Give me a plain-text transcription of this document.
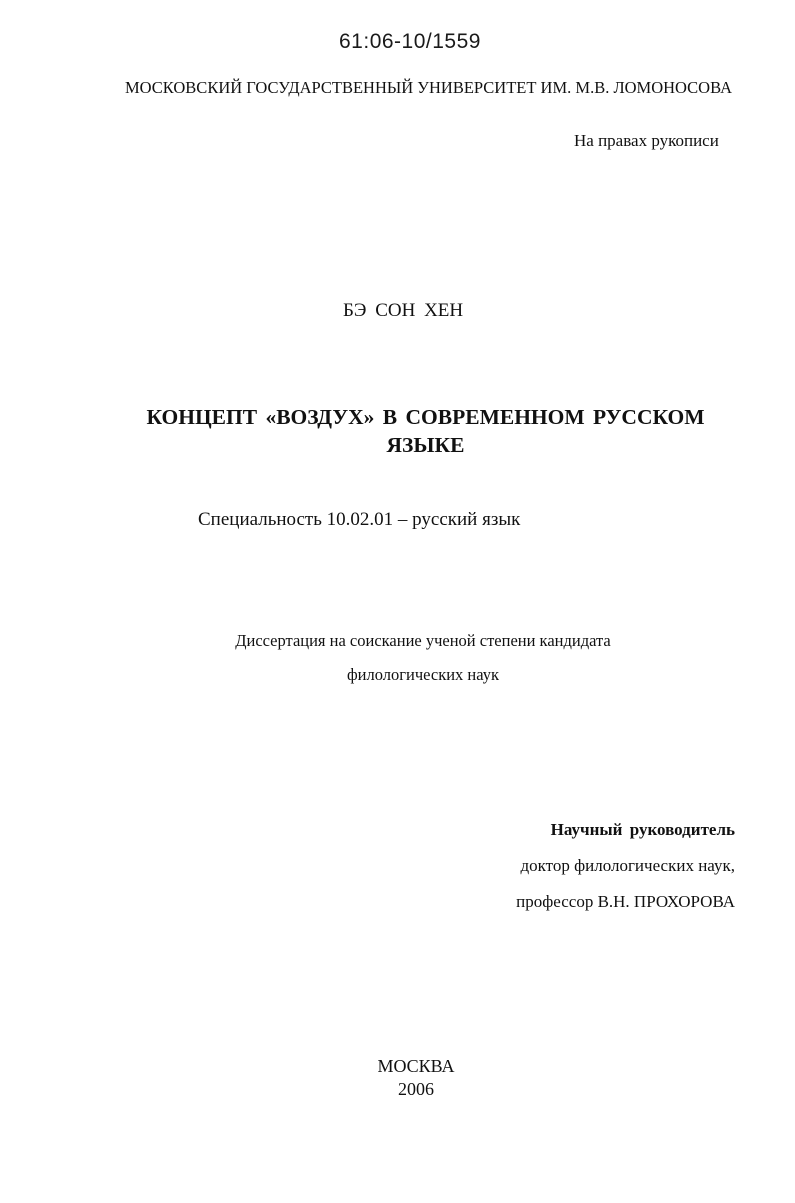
61:06-10/1559
МОСКОВСКИЙ ГОСУДАРСТВЕННЫЙ УНИВЕРСИТЕТ ИМ. М.В. ЛОМОНОСОВА
На правах рукописи
БЭ СОН ХЕН
КОНЦЕПТ «ВОЗДУХ» В СОВРЕМЕННОМ РУССКОМ
ЯЗЫКЕ
Специальность 10.02.01 – русский язык
Диссертация на соискание ученой степени кандидата
филологических наук
Научный руководитель
доктор филологических наук,
профессор В.Н. ПРОХОРОВА
МОСКВА
2006
